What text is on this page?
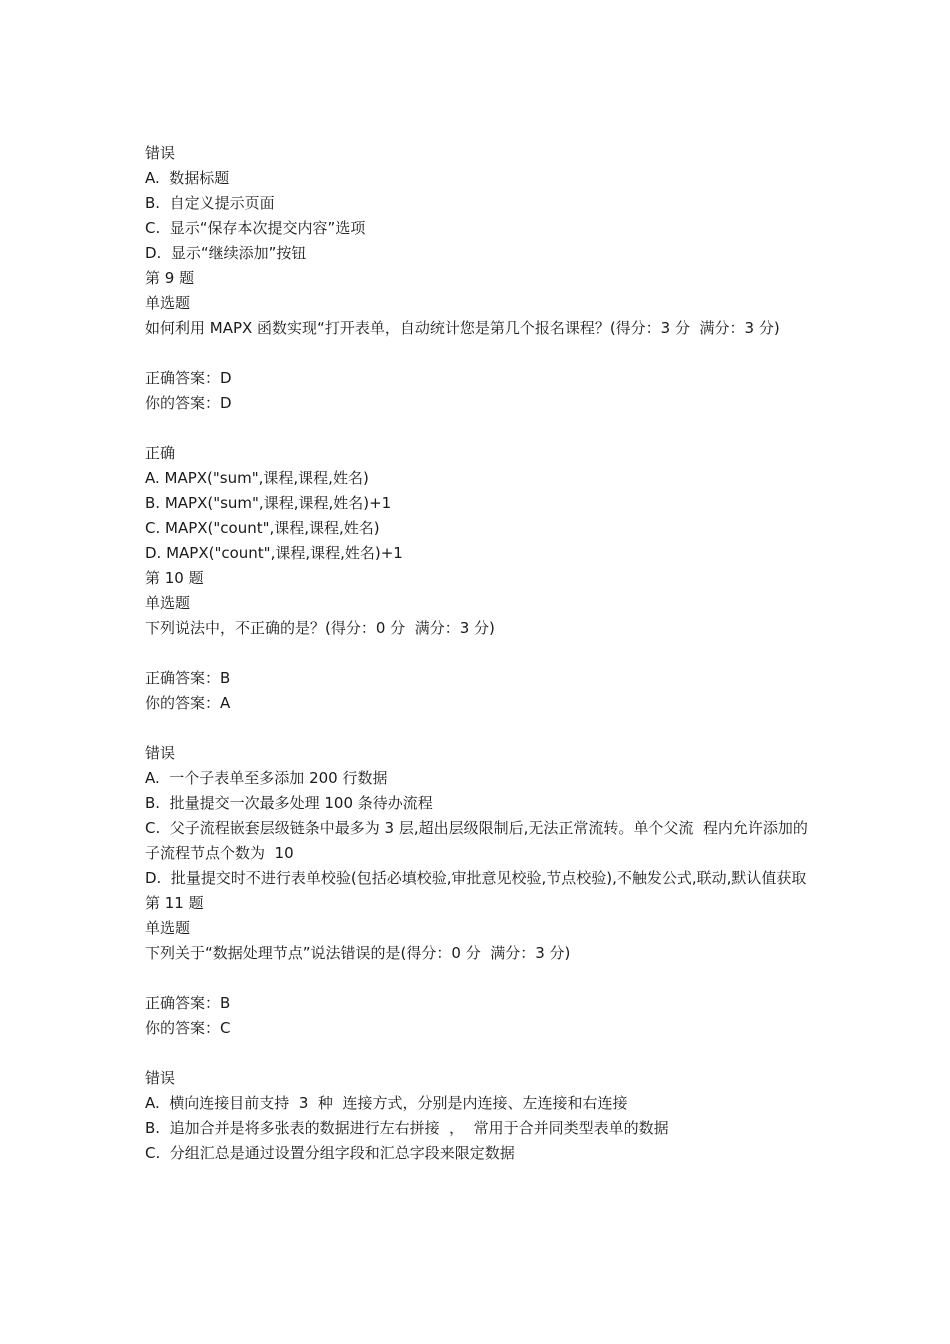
错误
A.  数据标题
B.  自定义提示页面
C.  显示“保存本次提交内容”选项
D.  显示“继续添加”按钮
第 9 题
单选题
如何利用 MAPX 函数实现“打开表单，自动统计您是第几个报名课程？(得分：3 分  满分：3 分)
正确答案：D
你的答案：D
正确
A. MAPX("sum",课程,课程,姓名)
B. MAPX("sum",课程,课程,姓名)+1
C. MAPX("count",课程,课程,姓名)
D. MAPX("count",课程,课程,姓名)+1
第 10 题
单选题
下列说法中，不正确的是？(得分：0 分  满分：3 分)
正确答案：B
你的答案：A
错误
A.  一个子表单至多添加 200 行数据
B.  批量提交一次最多处理 100 条待办流程
C.  父子流程嵌套层级链条中最多为 3 层,超出层级限制后,无法正常流转。单个父流  程内允许添加的子流程节点个数为  10
D.  批量提交时不进行表单校验(包括必填校验,审批意见校验,节点校验),不触发公式,联动,默认值获取
第 11 题
单选题
下列关于“数据处理节点”说法错误的是(得分：0 分  满分：3 分)
正确答案：B
你的答案：C
错误
A.  横向连接目前支持  3  种  连接方式，分别是内连接、左连接和右连接
B.  追加合并是将多张表的数据进行左右拼接  ，  常用于合并同类型表单的数据
C.  分组汇总是通过设置分组字段和汇总字段来限定数据
